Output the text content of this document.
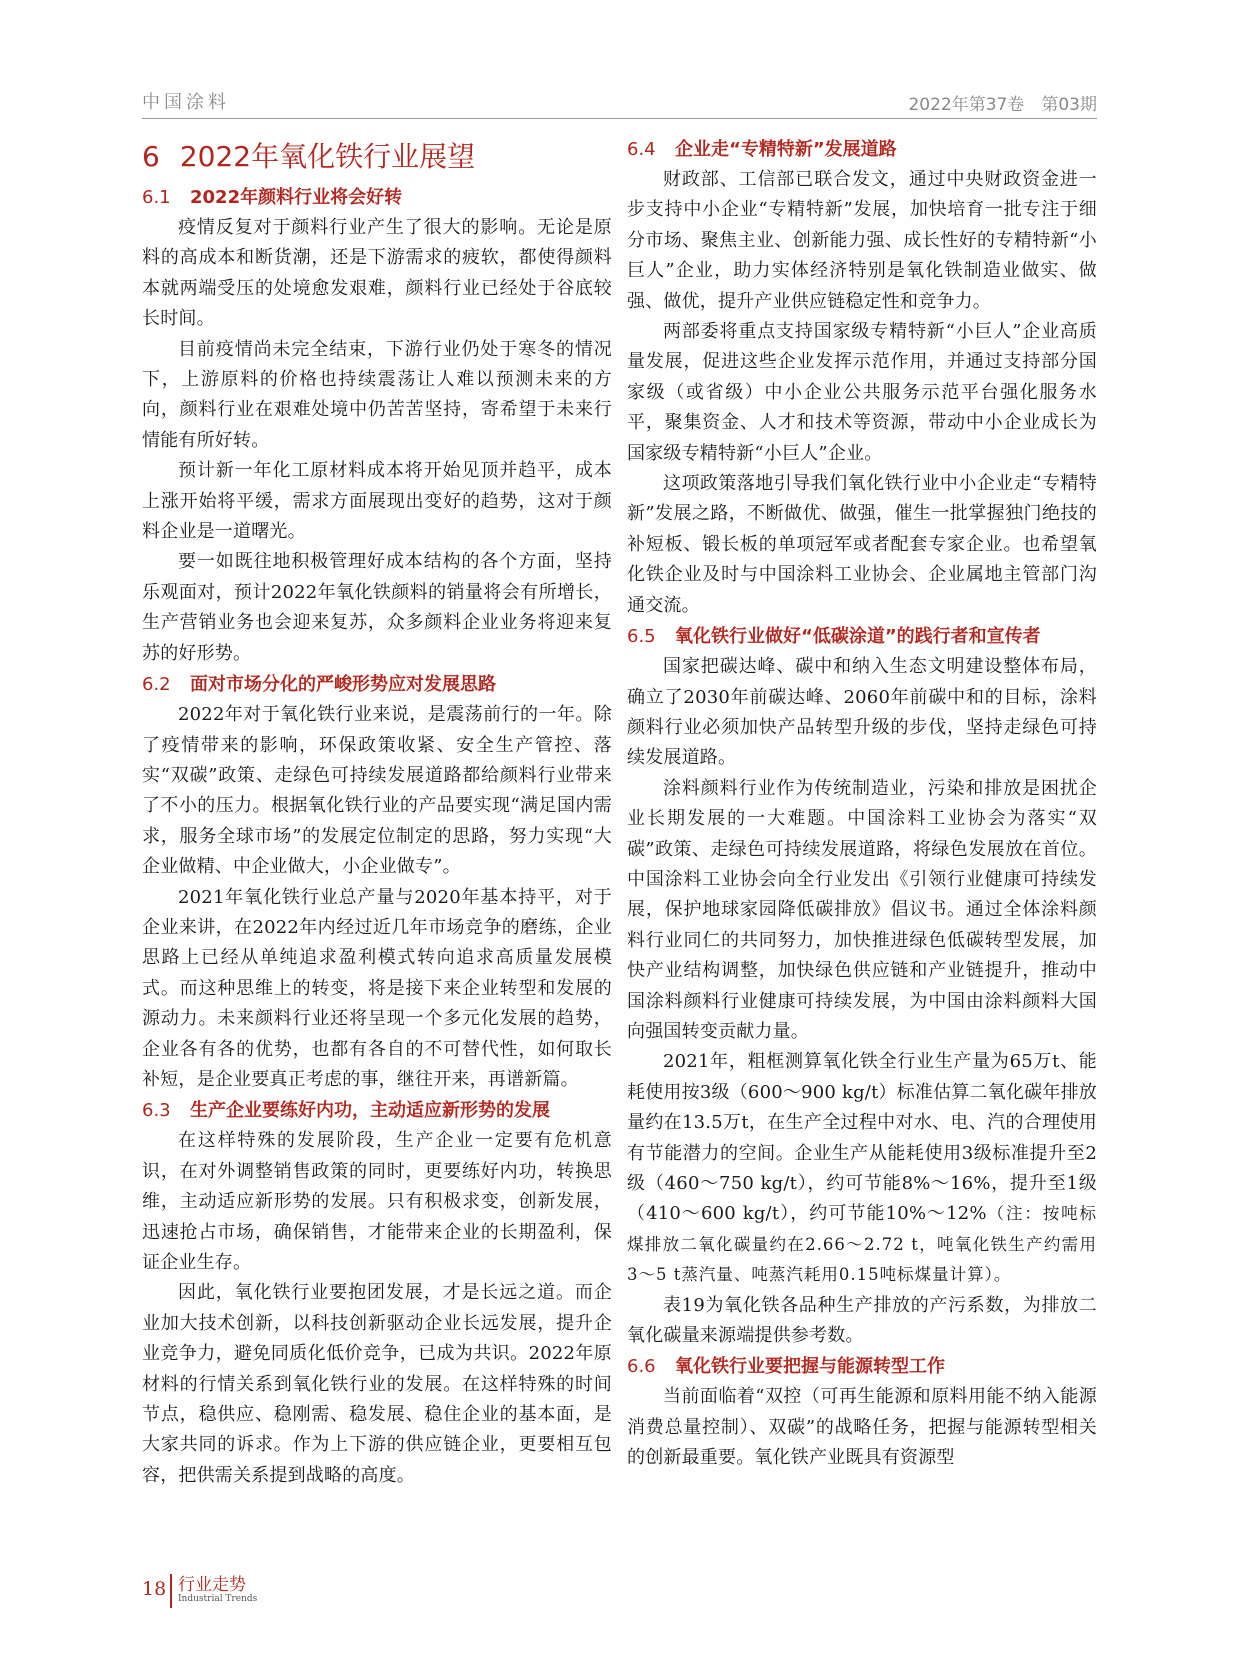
中国涂料	2022年第37卷　第03期
6 2022年氧化铁行业展望
6.1 2022年颜料行业将会好转

疫情反复对于颜料行业产生了很大的影响。无论是原料的高成本和断货潮，还是下游需求的疲软，都使得颜料本就两端受压的处境愈发艰难，颜料行业已经处于谷底较长时间。

目前疫情尚未完全结束，下游行业仍处于寒冬的情况下，上游原料的价格也持续震荡让人难以预测未来的方向，颜料行业在艰难处境中仍苦苦坚持，寄希望于未来行情能有所好转。

预计新一年化工原材料成本将开始见顶并趋平，成本上涨开始将平缓，需求方面展现出变好的趋势，这对于颜料企业是一道曙光。

要一如既往地积极管理好成本结构的各个方面，坚持乐观面对，预计2022年氧化铁颜料的销量将会有所增长，生产营销业务也会迎来复苏，众多颜料企业业务将迎来复苏的好形势。

6.2 面对市场分化的严峻形势应对发展思路

2022年对于氧化铁行业来说，是震荡前行的一年。除了疫情带来的影响，环保政策收紧、安全生产管控、落实“双碳”政策、走绿色可持续发展道路都给颜料行业带来了不小的压力。根据氧化铁行业的产品要实现“满足国内需求，服务全球市场”的发展定位制定的思路，努力实现“大企业做精、中企业做大，小企业做专”。

2021年氧化铁行业总产量与2020年基本持平，对于企业来讲，在2022年内经过近几年市场竞争的磨练，企业思路上已经从单纯追求盈利模式转向追求高质量发展模式。而这种思维上的转变，将是接下来企业转型和发展的源动力。未来颜料行业还将呈现一个多元化发展的趋势，企业各有各的优势，也都有各自的不可替代性，如何取长补短，是企业要真正考虑的事，继往开来，再谱新篇。

6.3 生产企业要练好内功，主动适应新形势的发展

在这样特殊的发展阶段，生产企业一定要有危机意识，在对外调整销售政策的同时，更要练好内功，转换思维，主动适应新形势的发展。只有积极求变，创新发展，迅速抢占市场，确保销售，才能带来企业的长期盈利，保证企业生存。

因此，氧化铁行业要抱团发展，才是长远之道。而企业加大技术创新，以科技创新驱动企业长远发展，提升企业竞争力，避免同质化低价竞争，已成为共识。2022年原材料的行情关系到氧化铁行业的发展。在这样特殊的时间节点，稳供应、稳刚需、稳发展、稳住企业的基本面，是大家共同的诉求。作为上下游的供应链企业，更要相互包容，把供需关系提到战略的高度。

6.4 企业走“专精特新”发展道路

财政部、工信部已联合发文，通过中央财政资金进一步支持中小企业“专精特新”发展，加快培育一批专注于细分市场、聚焦主业、创新能力强、成长性好的专精特新“小巨人”企业，助力实体经济特别是氧化铁制造业做实、做强、做优，提升产业供应链稳定性和竞争力。

两部委将重点支持国家级专精特新“小巨人”企业高质量发展，促进这些企业发挥示范作用，并通过支持部分国家级（或省级）中小企业公共服务示范平台强化服务水平，聚集资金、人才和技术等资源，带动中小企业成长为国家级专精特新“小巨人”企业。

这项政策落地引导我们氧化铁行业中小企业走“专精特新”发展之路，不断做优、做强，催生一批掌握独门绝技的补短板、锻长板的单项冠军或者配套专家企业。也希望氧化铁企业及时与中国涂料工业协会、企业属地主管部门沟通交流。

6.5 氧化铁行业做好“低碳涂道”的践行者和宣传者

国家把碳达峰、碳中和纳入生态文明建设整体布局，确立了2030年前碳达峰、2060年前碳中和的目标，涂料颜料行业必须加快产品转型升级的步伐，坚持走绿色可持续发展道路。

涂料颜料行业作为传统制造业，污染和排放是困扰企业长期发展的一大难题。中国涂料工业协会为落实“双碳”政策、走绿色可持续发展道路，将绿色发展放在首位。中国涂料工业协会向全行业发出《引领行业健康可持续发展，保护地球家园降低碳排放》倡议书。通过全体涂料颜料行业同仁的共同努力，加快推进绿色低碳转型发展，加快产业结构调整，加快绿色供应链和产业链提升，推动中国涂料颜料行业健康可持续发展，为中国由涂料颜料大国向强国转变贡献力量。

2021年，粗框测算氧化铁全行业生产量为65万t、能耗使用按3级（600～900 kg/t）标准估算二氧化碳年排放量约在13.5万t，在生产全过程中对水、电、汽的合理使用有节能潜力的空间。企业生产从能耗使用3级标准提升至2级（460～750 kg/t），约可节能8%～16%，提升至1级（410～600 kg/t），约可节能10%～12%（注：按吨标煤排放二氧化碳量约在2.66～2.72 t，吨氧化铁生产约需用3～5 t蒸汽量、吨蒸汽耗用0.15吨标煤量计算）。

表19为氧化铁各品种生产排放的产污系数，为排放二氧化碳量来源端提供参考数。

6.6 氧化铁行业要把握与能源转型工作

当前面临着“双控（可再生能源和原料用能不纳入能源消费总量控制）、双碳”的战略任务，把握与能源转型相关的创新最重要。氧化铁产业既具有资源型

18 行业走势
Industrial Trends
